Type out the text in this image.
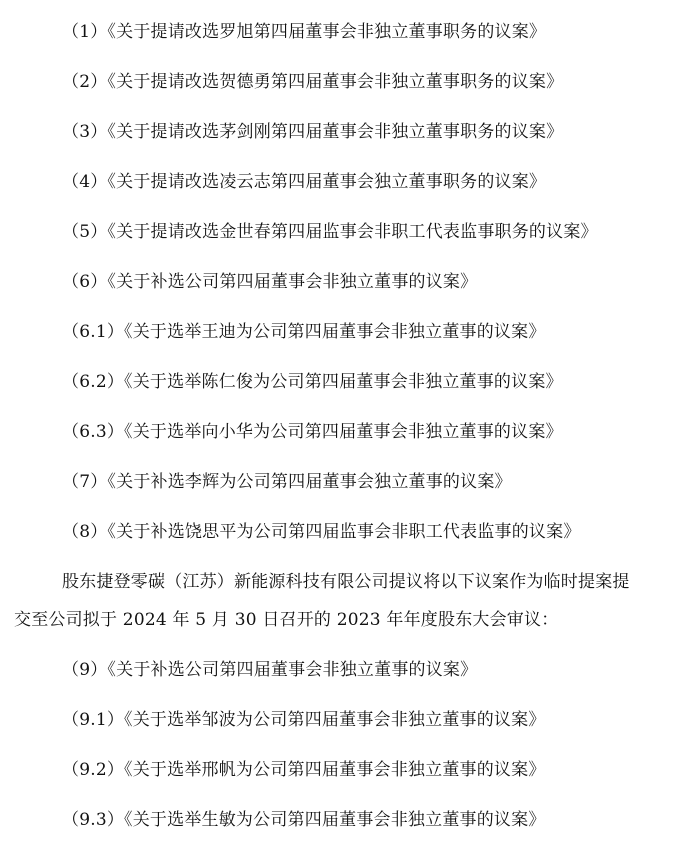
（1）《关于提请改选罗旭第四届董事会非独立董事职务的议案》
（2）《关于提请改选贺德勇第四届董事会非独立董事职务的议案》
（3）《关于提请改选茅剑刚第四届董事会非独立董事职务的议案》
（4）《关于提请改选凌云志第四届董事会独立董事职务的议案》
（5）《关于提请改选金世春第四届监事会非职工代表监事职务的议案》
（6）《关于补选公司第四届董事会非独立董事的议案》
（6.1）《关于选举王迪为公司第四届董事会非独立董事的议案》
（6.2）《关于选举陈仁俊为公司第四届董事会非独立董事的议案》
（6.3）《关于选举向小华为公司第四届董事会非独立董事的议案》
（7）《关于补选李辉为公司第四届董事会独立董事的议案》
（8）《关于补选饶思平为公司第四届监事会非职工代表监事的议案》
股东捷登零碳（江苏）新能源科技有限公司提议将以下议案作为临时提案提
交至公司拟于 2024 年 5 月 30 日召开的 2023 年年度股东大会审议：
（9）《关于补选公司第四届董事会非独立董事的议案》
（9.1）《关于选举邹波为公司第四届董事会非独立董事的议案》
（9.2）《关于选举邢帆为公司第四届董事会非独立董事的议案》
（9.3）《关于选举生敏为公司第四届董事会非独立董事的议案》
